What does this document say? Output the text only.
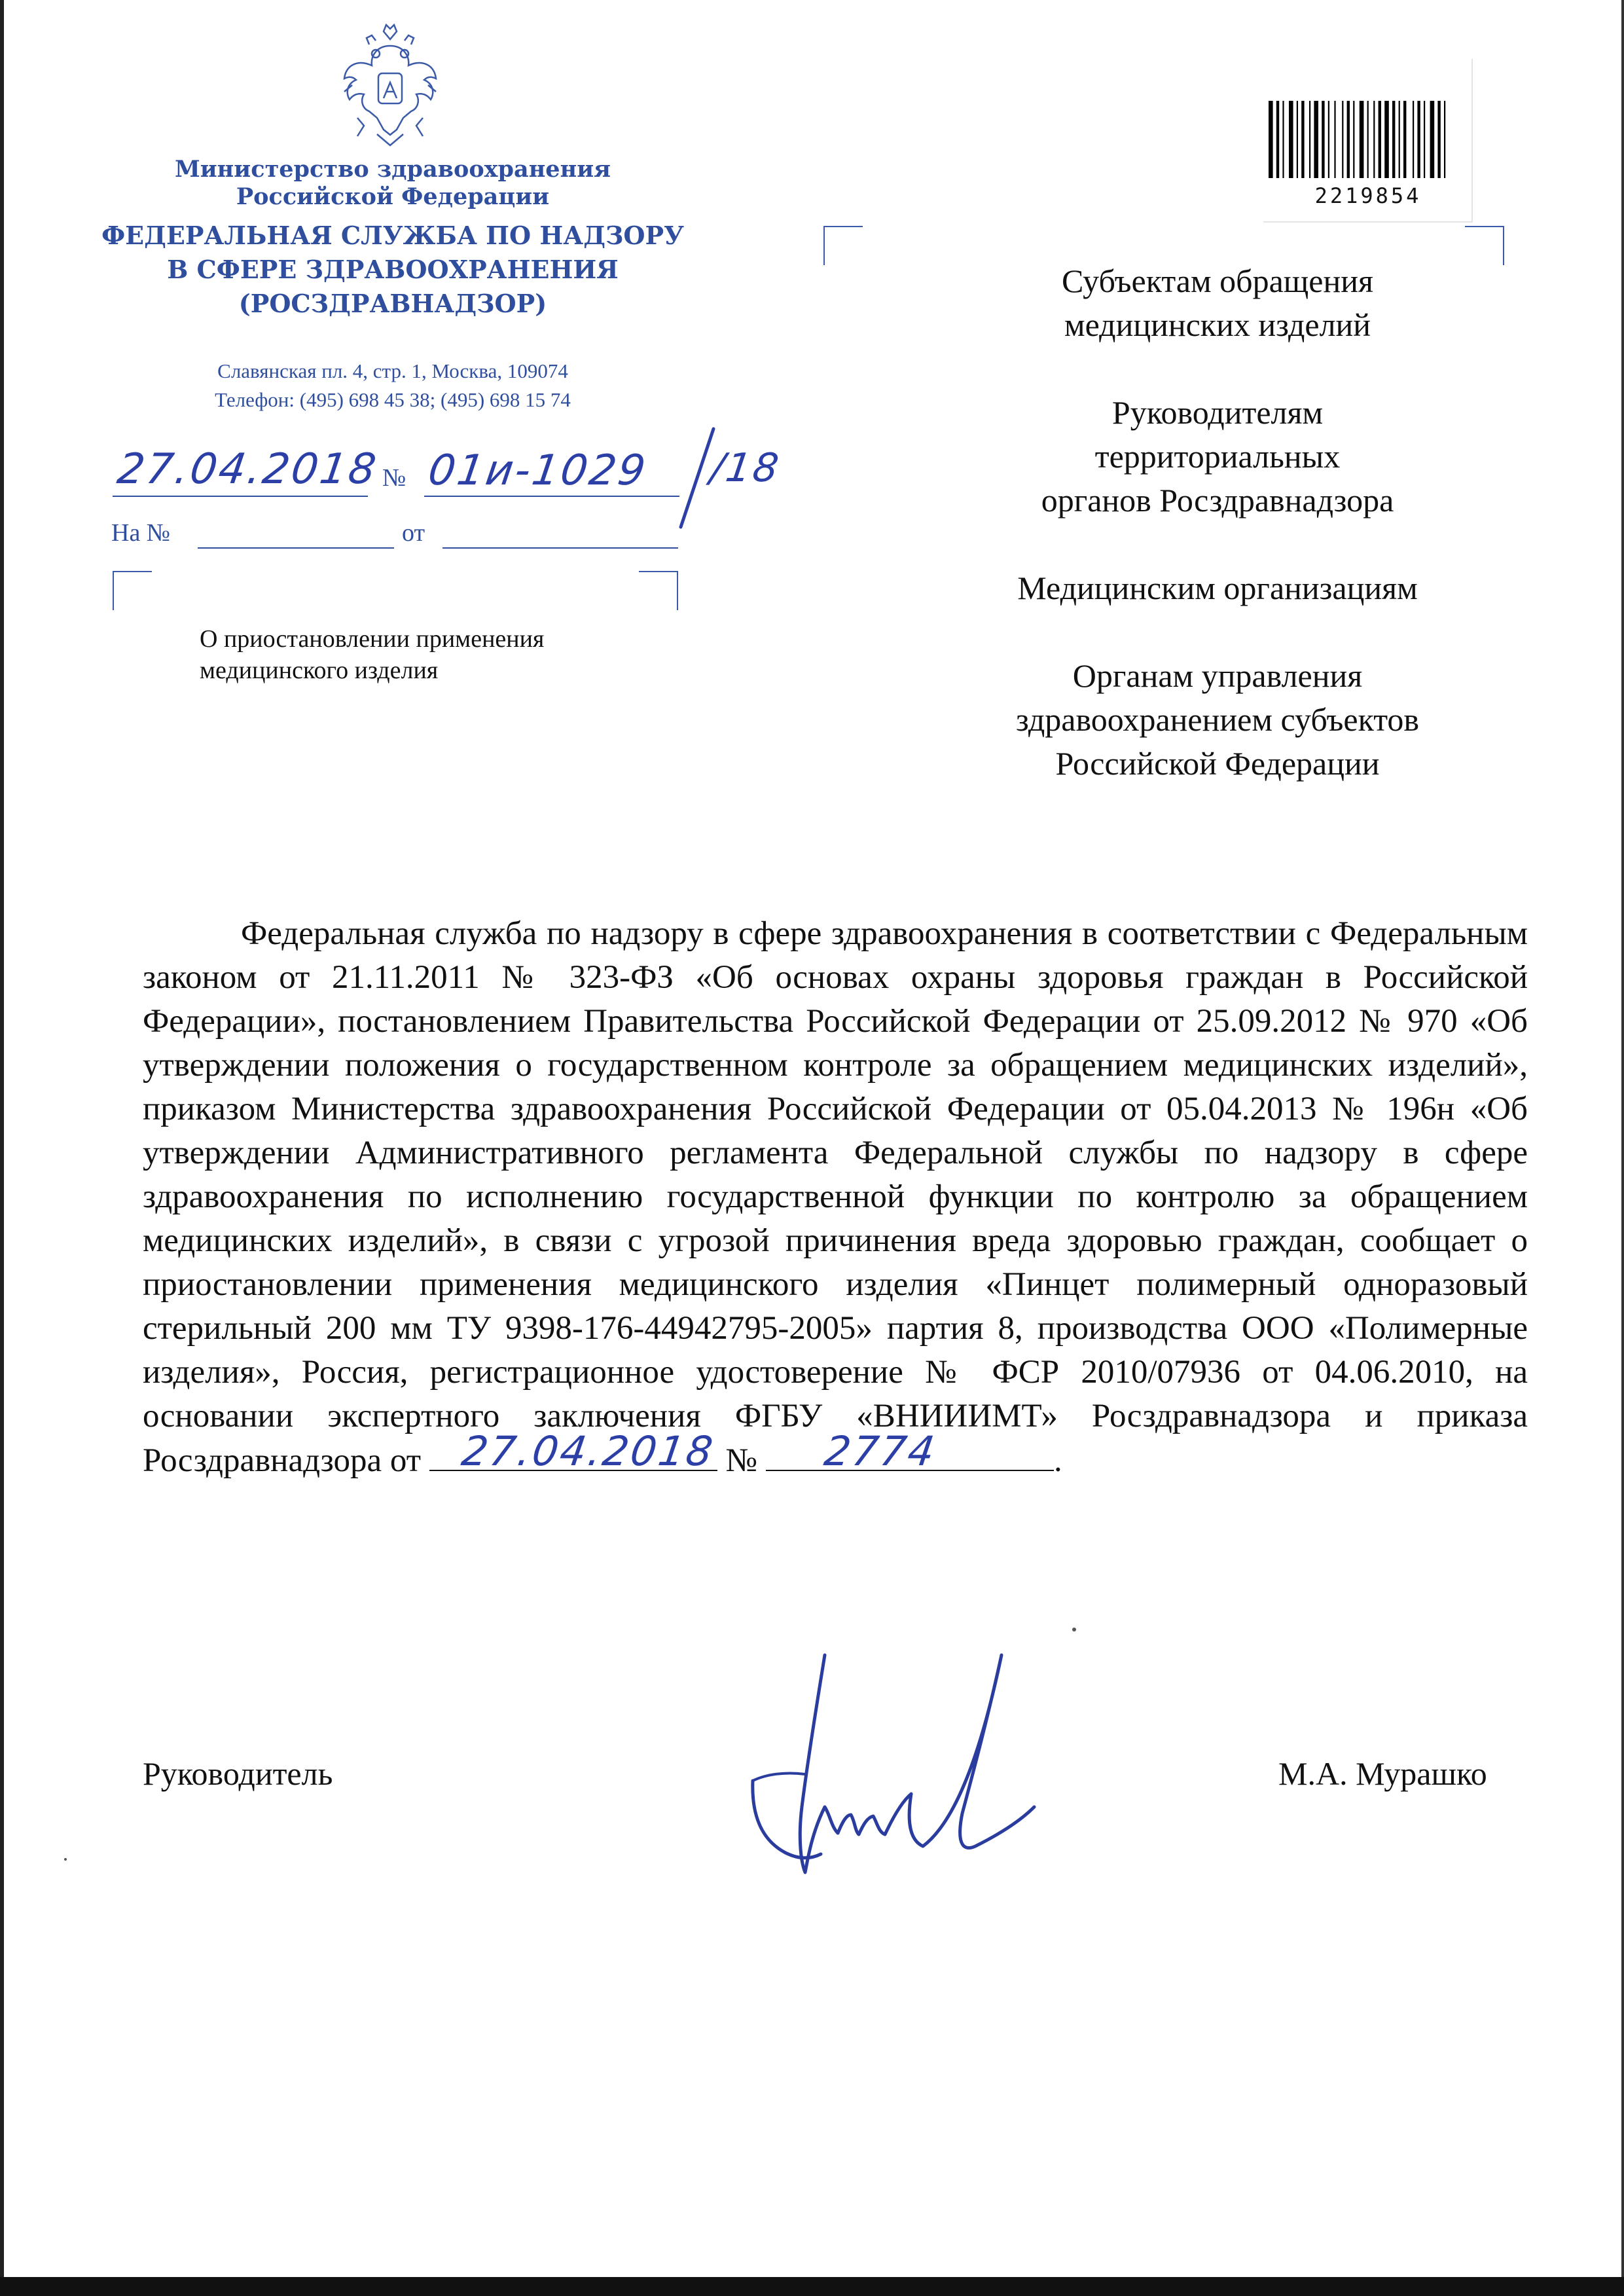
Министерство здравоохранения
Российской Федерации
ФЕДЕРАЛЬНАЯ СЛУЖБА ПО НАДЗОРУ
В СФЕРЕ ЗДРАВООХРАНЕНИЯ
(РОСЗДРАВНАДЗОР)
Славянская пл. 4, стр. 1, Москва, 109074
Телефон: (495) 698 45 38; (495) 698 15 74
27.04.2018 № 01и-1029 /18
На №	от
О приостановлении применения
медицинского изделия
2219854
Субъектам обращения
медицинских изделий
Руководителям
территориальных
органов Росздравнадзора
Медицинским организациям
Органам управления
здравоохранением субъектов
Российской Федерации
Федеральная служба по надзору в сфере здравоохранения в соответствии с Федеральным законом от 21.11.2011 № 323-ФЗ «Об основах охраны здоровья граждан в Российской Федерации», постановлением Правительства Российской Федерации от 25.09.2012 № 970 «Об утверждении положения о государственном контроле за обращением медицинских изделий», приказом Министерства здравоохранения Российской Федерации от 05.04.2013 № 196н «Об утверждении Административного регламента Федеральной службы по надзору в сфере здравоохранения по исполнению государственной функции по контролю за обращением медицинских изделий», в связи с угрозой причинения вреда здоровью граждан, сообщает о приостановлении применения медицинского изделия «Пинцет полимерный одноразовый стерильный 200 мм ТУ 9398-176-44942795-2005» партия 8, производства ООО «Полимерные изделия», Россия, регистрационное удостоверение № ФСР 2010/07936 от 04.06.2010, на основании экспертного заключения ФГБУ «ВНИИИМТ» Росздравнадзора и приказа Росздравнадзора от 27.04.2018 № 2774	.
Руководитель	М.А. Мурашко
